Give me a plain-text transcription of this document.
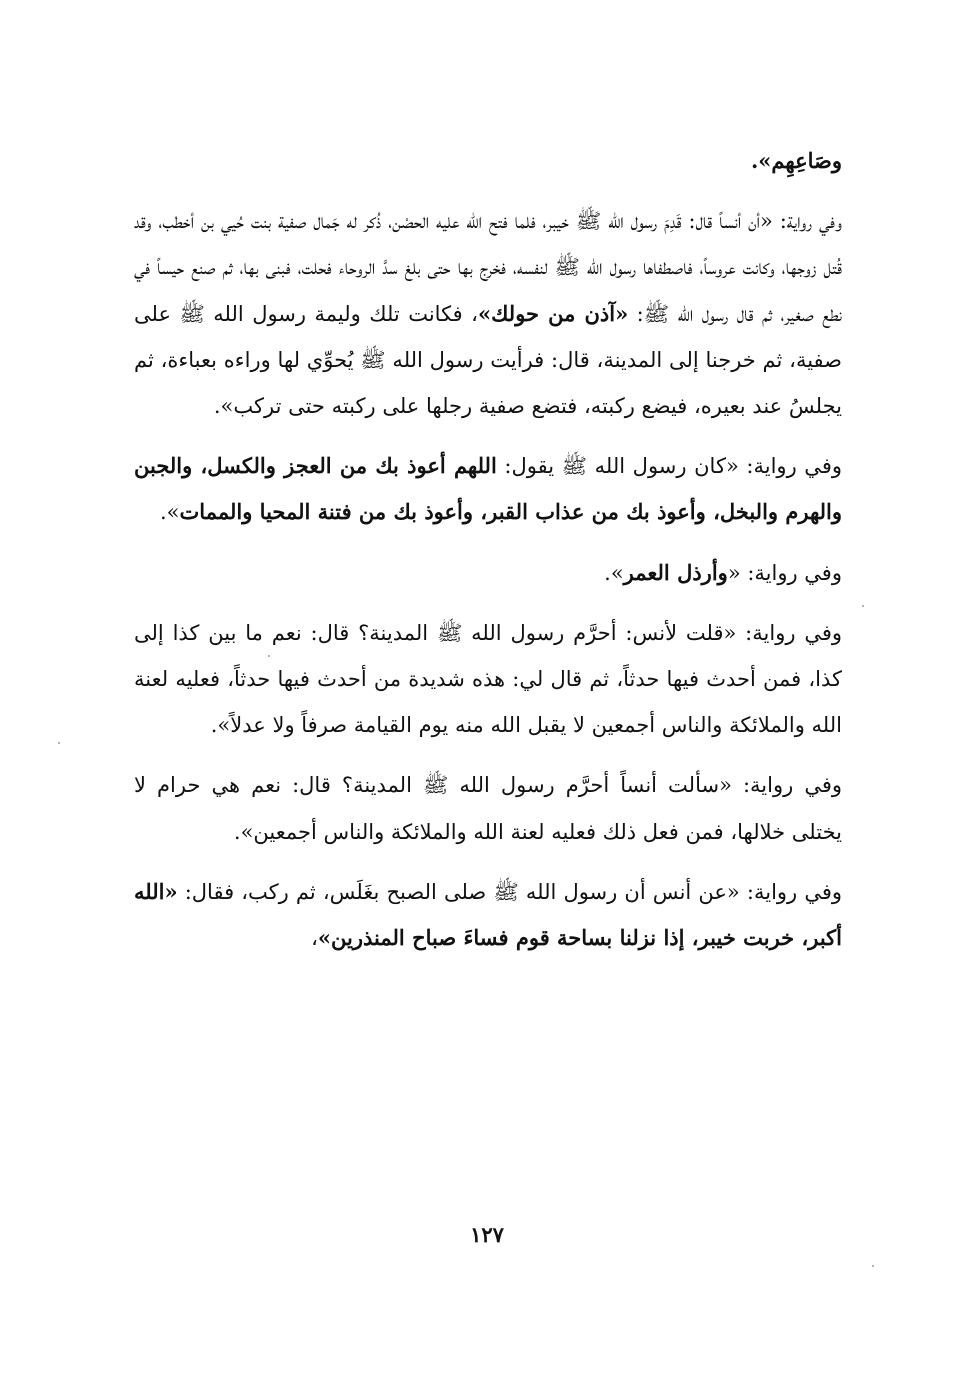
وصَاعِهِم».

وفي رواية: «أن أنساً قال: قَدِمَ رسول الله ﷺ خيبر، فلما فتح الله عليه الحصْن، ذُكر له جَمال صفية بنت حُيي بن أخطب، وقد قُتل زوجها، وكانت عروساً، فاصطفاها رسول الله ﷺ لنفسه، فخرج بها حتى بلغ سدَّ الروحاء فحلت، فبنى بها، ثم صنع حيساً في نطع صغير، ثم قال رسول الله ﷺ: «آذن من حولك»، فكانت تلك وليمة رسول الله ﷺ على صفية، ثم خرجنا إلى المدينة، قال: فرأيت رسول الله ﷺ يُحوِّي لها وراءه بعباءة، ثم يجلسُ عند بعيره، فيضع ركبته، فتضع صفية رجلها على ركبته حتى تركب».

وفي رواية: «كان رسول الله ﷺ يقول: اللهم أعوذ بك من العجز والكسل، والجبن والهرم والبخل، وأعوذ بك من عذاب القبر، وأعوذ بك من فتنة المحيا والممات».

وفي رواية: «وأرذل العمر».

وفي رواية: «قلت لأنس: أحرَّم رسول الله ﷺ المدينة؟ قال: نعم ما بين كذا إلى كذا، فمن أحدث فيها حدثاً، ثم قال لي: هذه شديدة من أحدث فيها حدثاً، فعليه لعنة الله والملائكة والناس أجمعين لا يقبل الله منه يوم القيامة صرفاً ولا عدلاً».

وفي رواية: «سألت أنساً أحرَّم رسول الله ﷺ المدينة؟ قال: نعم هي حرام لا يختلى خلالها، فمن فعل ذلك فعليه لعنة الله والملائكة والناس أجمعين».

وفي رواية: «عن أنس أن رسول الله ﷺ صلى الصبح بغَلَس، ثم ركب، فقال: «الله أكبر، خربت خيبر، إذا نزلنا بساحة قوم فساءَ صباح المنذرين»،

١٢٧
